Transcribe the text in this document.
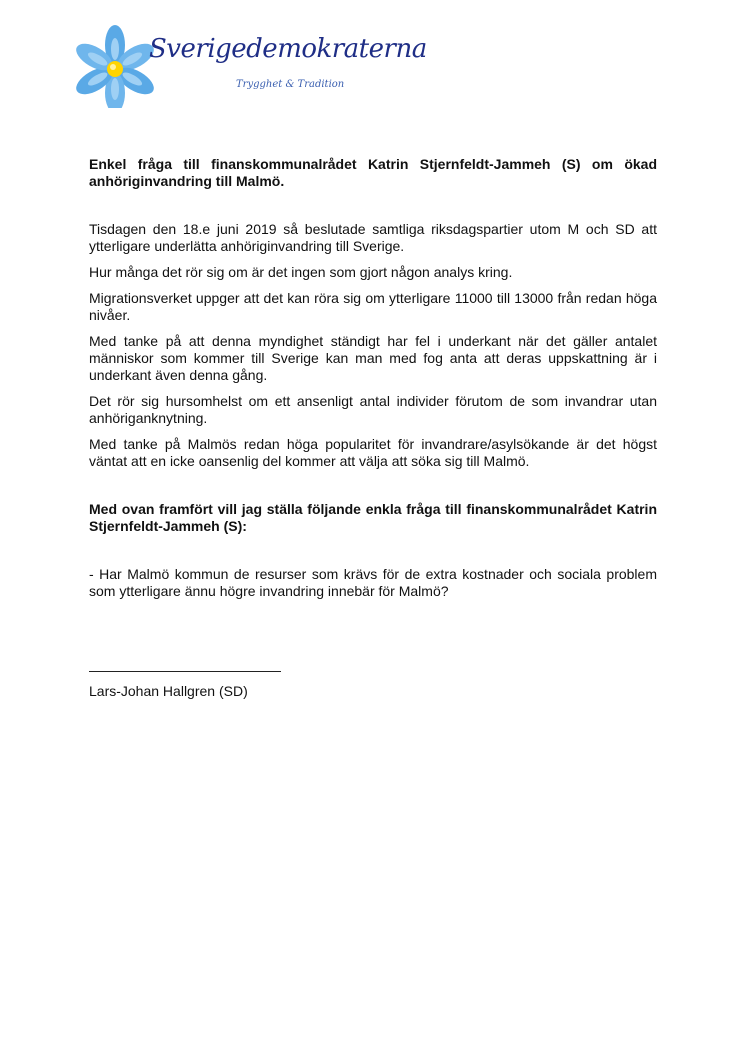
Sverigedemokraterna
Trygghet & Tradition

Enkel fråga till finanskommunalrådet Katrin Stjernfeldt-Jammeh (S) om ökad anhöriginvandring till Malmö.

Tisdagen den 18.e juni 2019 så beslutade samtliga riksdagspartier utom M och SD att ytterligare underlätta anhöriginvandring till Sverige.

Hur många det rör sig om är det ingen som gjort någon analys kring.

Migrationsverket uppger att det kan röra sig om ytterligare 11000 till 13000 från redan höga nivåer.

Med tanke på att denna myndighet ständigt har fel i underkant när det gäller antalet människor som kommer till Sverige kan man med fog anta att deras uppskattning är i underkant även denna gång.

Det rör sig hursomhelst om ett ansenligt antal individer förutom de som invandrar utan anhöriganknytning.

Med tanke på Malmös redan höga popularitet för invandrare/asylsökande är det högst väntat att en icke oansenlig del kommer att välja att söka sig till Malmö.

Med ovan framfört vill jag ställa följande enkla fråga till finanskommunalrådet Katrin Stjernfeldt-Jammeh (S):

- Har Malmö kommun de resurser som krävs för de extra kostnader och sociala problem som ytterligare ännu högre invandring innebär för Malmö?

Lars-Johan Hallgren (SD)
